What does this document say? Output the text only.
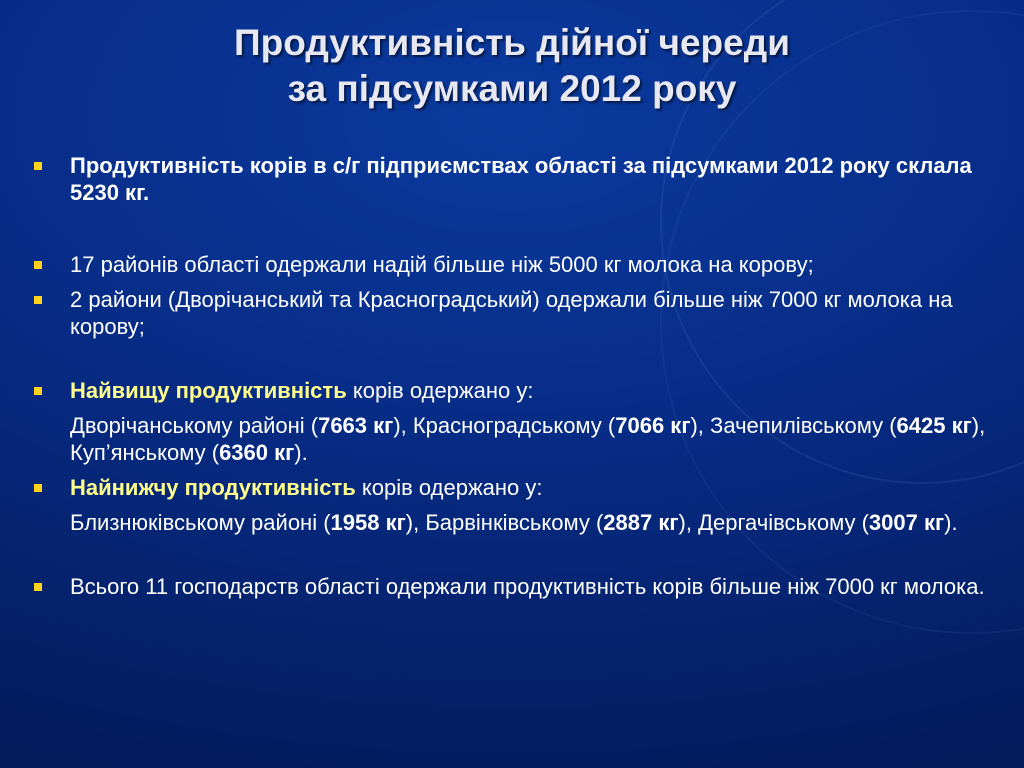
Продуктивність дійної череди
за підсумками 2012 року
Продуктивність корів в с/г підприємствах області за підсумками 2012 року склала 5230 кг.
17 районів області одержали надій більше ніж 5000 кг молока на корову;
2 райони (Дворічанський та Красноградський) одержали більше ніж 7000 кг молока на корову;
Найвищу продуктивність корів одержано у:
Дворічанському районі (7663 кг), Красноградському (7066 кг), Зачепилівському (6425 кг), Куп’янському (6360 кг).
Найнижчу продуктивність корів одержано у:
Близнюківському районі (1958 кг), Барвінківському (2887 кг), Дергачівському (3007 кг).
Всього 11 господарств області одержали продуктивність корів більше ніж 7000 кг молока.
